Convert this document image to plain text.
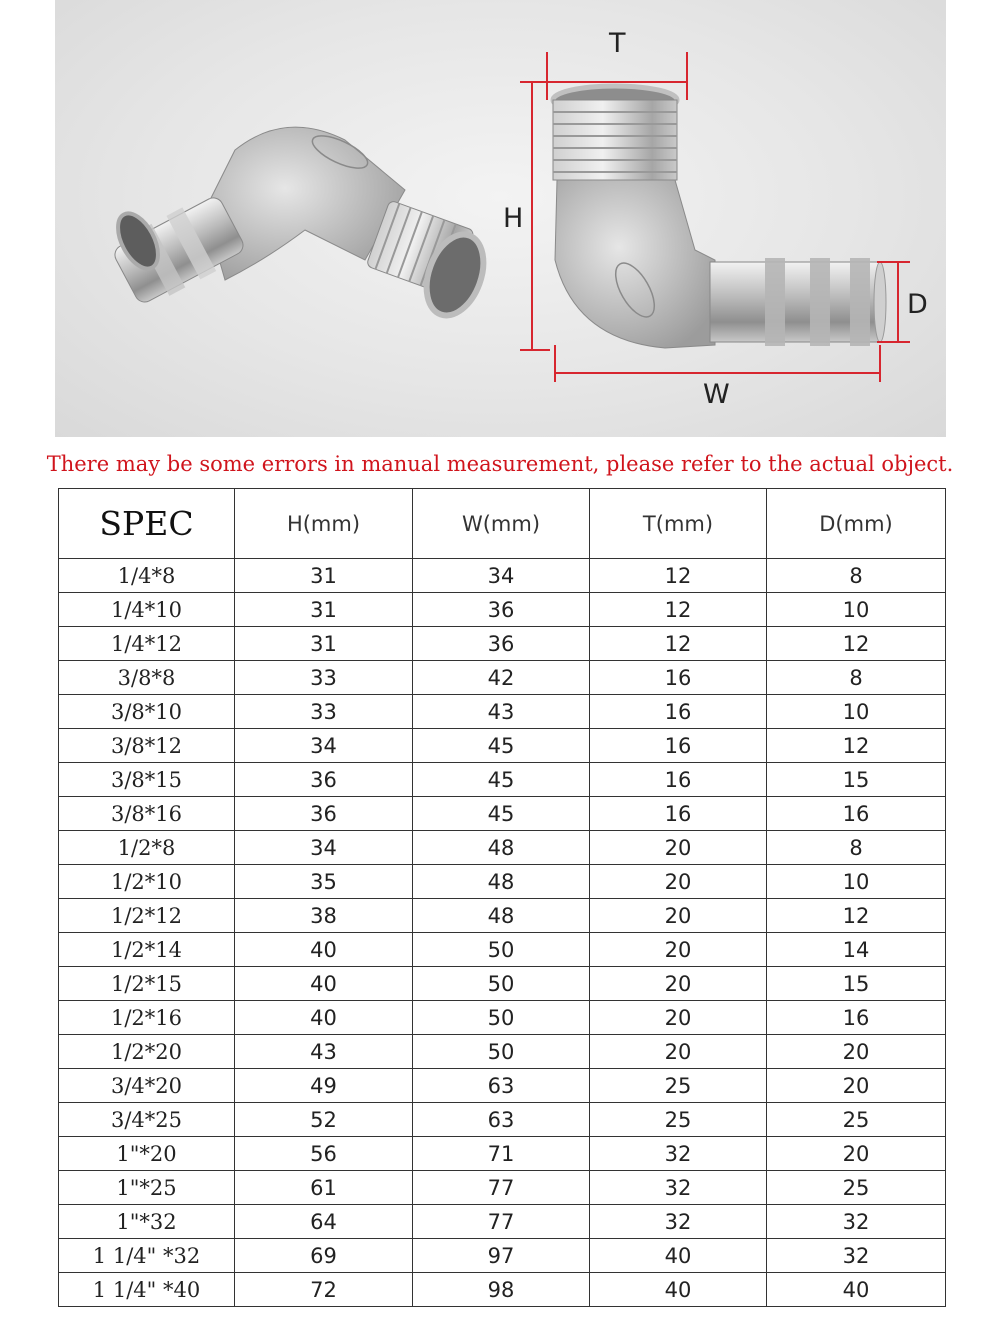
T
H
D
W
There may be some errors in manual measurement, please refer to the actual object.
SPEC	H(mm)	W(mm)	T(mm)	D(mm)
1/4*8	31	34	12	8
1/4*10	31	36	12	10
1/4*12	31	36	12	12
3/8*8	33	42	16	8
3/8*10	33	43	16	10
3/8*12	34	45	16	12
3/8*15	36	45	16	15
3/8*16	36	45	16	16
1/2*8	34	48	20	8
1/2*10	35	48	20	10
1/2*12	38	48	20	12
1/2*14	40	50	20	14
1/2*15	40	50	20	15
1/2*16	40	50	20	16
1/2*20	43	50	20	20
3/4*20	49	63	25	20
3/4*25	52	63	25	25
1"*20	56	71	32	20
1"*25	61	77	32	25
1"*32	64	77	32	32
1 1/4" *32	69	97	40	32
1 1/4" *40	72	98	40	40
